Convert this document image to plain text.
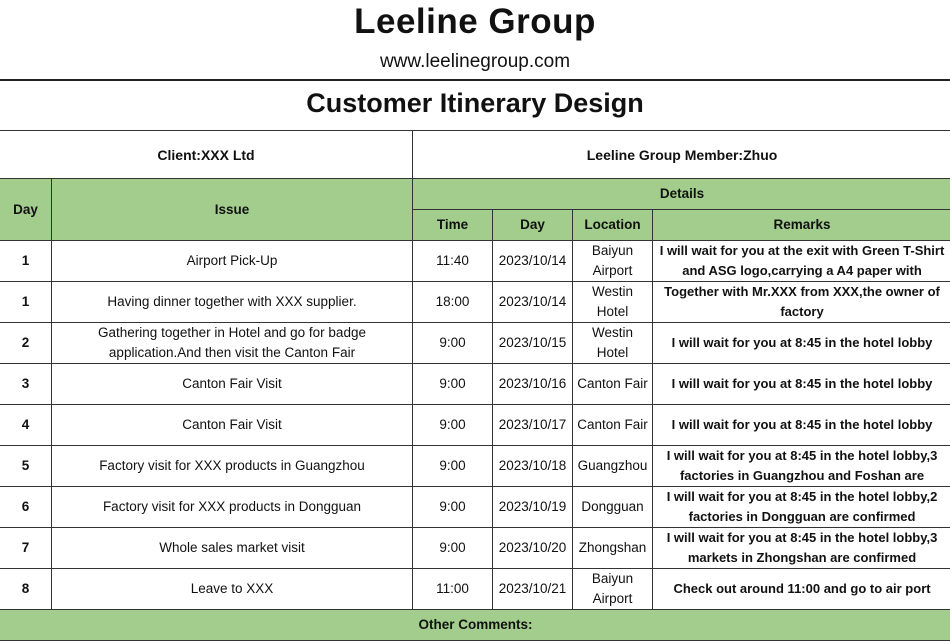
Leeline Group
www.leelinegroup.com
Customer Itinerary Design
Client:XXX Ltd		Leeline Group Member:Zhuo			
Day	Issue	Details			
		Time	Day	Location	Remarks
1	Airport Pick-Up	11:40	2023/10/14	Baiyun Airport	I will wait for you at the exit with Green T-Shirt and ASG logo,carrying a A4 paper with

1	Having dinner together with XXX supplier.	18:00	2023/10/14	Westin Hotel	Together with Mr.XXX from XXX,the owner of factory

2	Gathering together in Hotel and go for badge application.And then visit the Canton Fair	9:00	2023/10/15	Westin Hotel	I will wait for you at 8:45 in the hotel lobby

3	Canton Fair Visit	9:00	2023/10/16	Canton Fair	I will wait for you at 8:45 in the hotel lobby

4	Canton Fair Visit	9:00	2023/10/17	Canton Fair	I will wait for you at 8:45 in the hotel lobby

5	Factory visit for XXX products in Guangzhou	9:00	2023/10/18	Guangzhou	I will wait for you at 8:45 in the hotel lobby,3 factories in Guangzhou and Foshan are

6	Factory visit for XXX products in Dongguan	9:00	2023/10/19	Dongguan	I will wait for you at 8:45 in the hotel lobby,2 factories in Dongguan are confirmed

7	Whole sales market visit	9:00	2023/10/20	Zhongshan	I will wait for you at 8:45 in the hotel lobby,3 markets in Zhongshan are confirmed

8	Leave to XXX	11:00	2023/10/21	Baiyun Airport	Check out around 11:00 and go to air port

Other Comments:					
